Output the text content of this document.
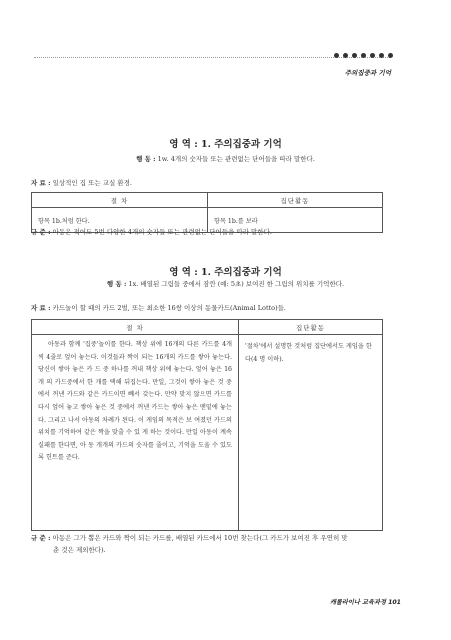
주의집중과 기억
영 역 : 1. 주의집중과 기억
행 동 : 1w. 4개의 숫자들 또는 관련없는 단어들을 따라 말한다.
자 료 : 일상적인 집 또는 교실 환경.
절 차	집단활동

항목 1b.처럼 한다.	항목 1b.를 보라
규 준 : 아동은 적어도 5번 다양한 4개의 숫자들 또는 관련없는 단어들을 따라 말한다.
영 역 : 1. 주의집중과 기억
행 동 : 1x. 배열된 그림들 중에서 잠깐 (예: 5초) 보여진 한 그림의 위치를 기억한다.
자 료 : 카드놀이 할 때의 카드 2벌, 또는 최소한 16쌍 이상의 동물카드(Animal Lotto)들.
절 차	집단활동

아동과 함께 '집중'놀이를 한다. 책상 위에 16개의 다른 카드를 4개씩 4줄로 엎어 놓는다. 이것들과 짝이 되는 16개의 카드를 쌓아 놓는다. 당신이 쌓아 놓은 카 드 중 하나를 꺼내 책상 위에 놓는다. 엎어 놓은 16개 의 카드중에서 한 개를 택해 뒤집는다. 만일, 그것이 쌓아 놓은 것 중에서 꺼낸 카드와 같은 카드이면 빼서 갖는다. 만약 맞지 않으면 카드를 다시 엎어 놓고 쌓아 놓은 것 중에서 꺼낸 카드는 쌓아 놓은 맨밑에 놓는다. 그리고 나서 아동의 차례가 된다. 이 게임의 목적은 보 여졌던 카드의 위치를 기억하여 같은 짝을 맞출 수 있 게 하는 것이다. 만일 아동이 계속 실패를 한다면, 아 동 개개의 카드의 숫자를 줄이고, 기억을 도울 수 있도 록 힌트를 준다.	'절차'에서 설명한 것처럼 집단에서도 게임을 한다(4 명 이하).
규 준 : 아동은 그가 뽑은 카드와 짝이 되는 카드를, 배열된 카드에서 10번 찾는다(그 카드가 보여진 후 우연히 맞
춘 것은 제외한다).
캐롤라이나 교육과정 101
